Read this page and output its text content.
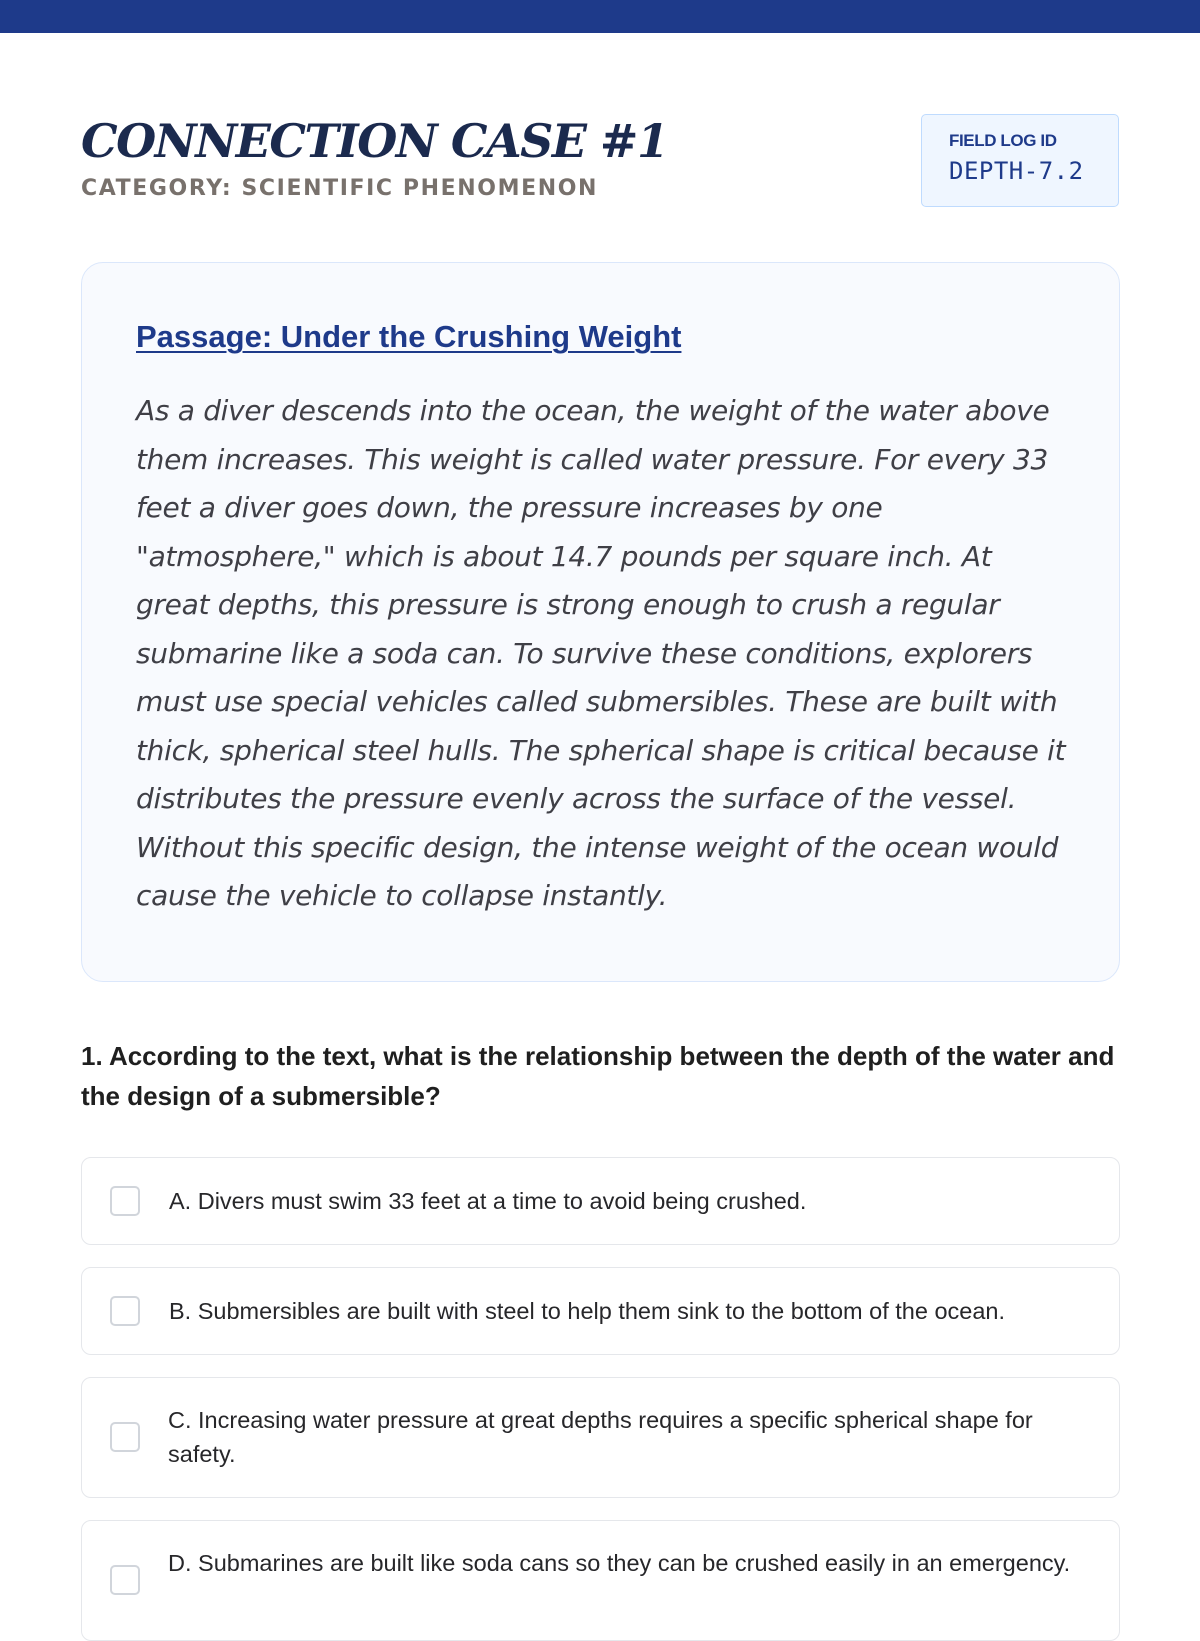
CONNECTION CASE #1
CATEGORY: SCIENTIFIC PHENOMENON
FIELD LOG ID
DEPTH-7.2
Passage: Under the Crushing Weight

As a diver descends into the ocean, the weight of the water above them increases. This weight is called water pressure. For every 33 feet a diver goes down, the pressure increases by one "atmosphere," which is about 14.7 pounds per square inch. At great depths, this pressure is strong enough to crush a regular submarine like a soda can. To survive these conditions, explorers must use special vehicles called submersibles. These are built with thick, spherical steel hulls. The spherical shape is critical because it distributes the pressure evenly across the surface of the vessel. Without this specific design, the intense weight of the ocean would cause the vehicle to collapse instantly.

1. According to the text, what is the relationship between the depth of the water and the design of a submersible?

A. Divers must swim 33 feet at a time to avoid being crushed.
B. Submersibles are built with steel to help them sink to the bottom of the ocean.
C. Increasing water pressure at great depths requires a specific spherical shape for safety.
D. Submarines are built like soda cans so they can be crushed easily in an emergency.
